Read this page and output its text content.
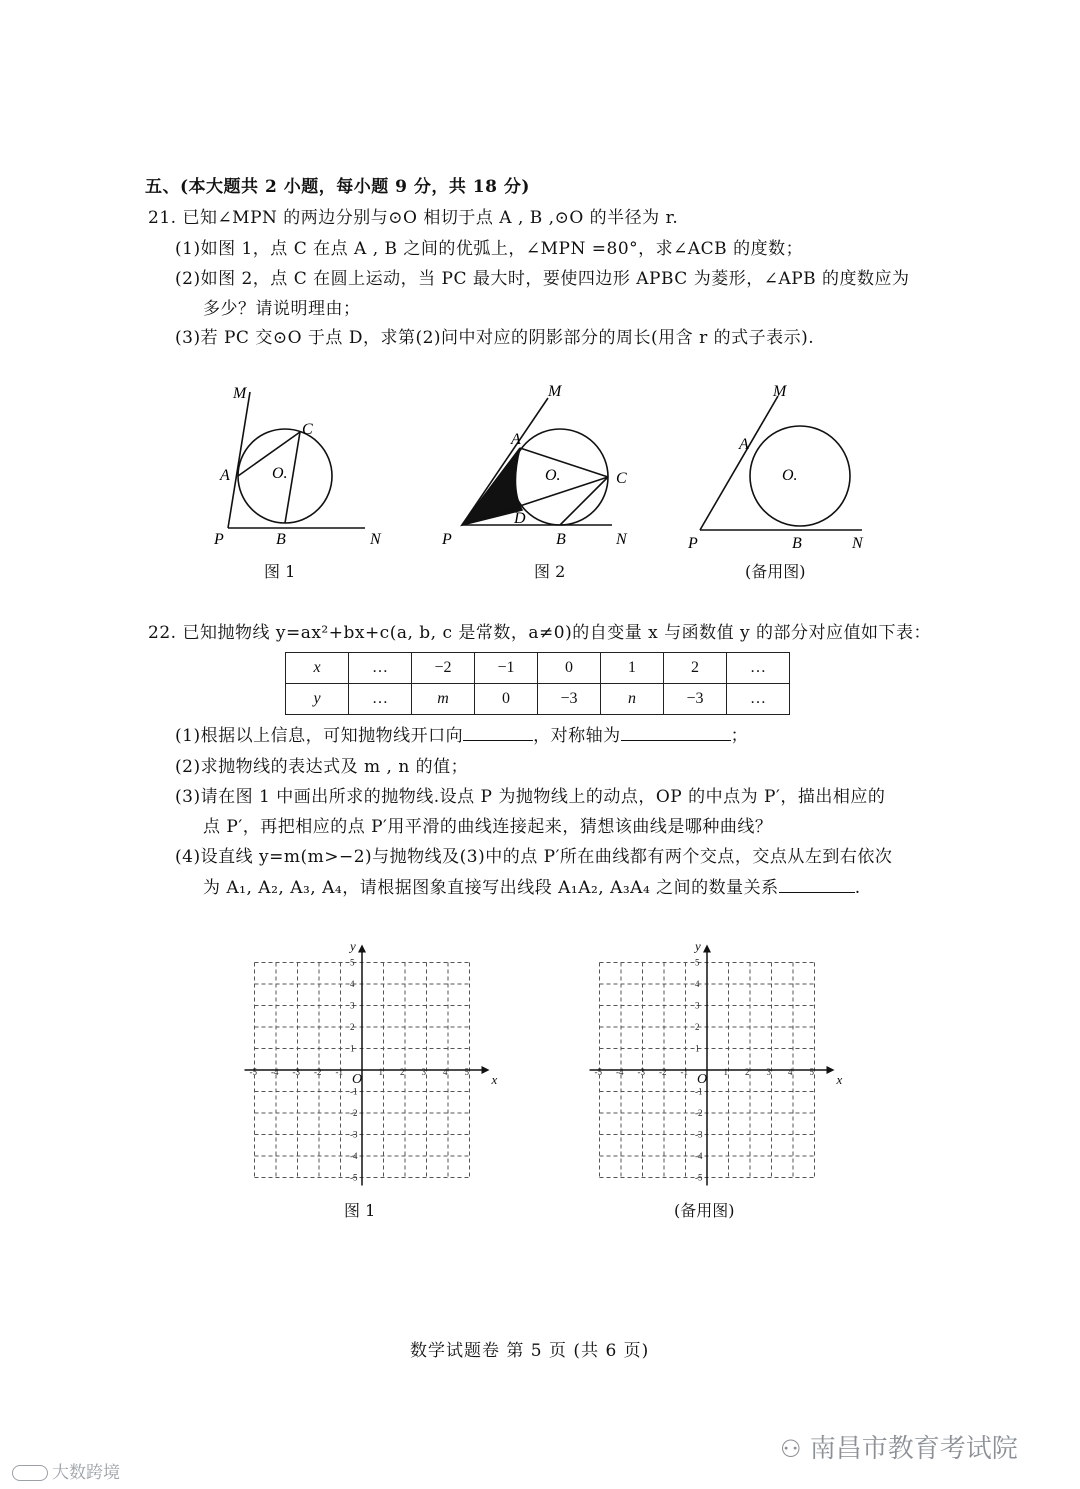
五、(本大题共 2 小题，每小题 9 分，共 18 分)
21. 已知∠MPN 的两边分别与⊙O 相切于点 A , B ,⊙O 的半径为 r.
(1)如图 1，点 C 在点 A , B 之间的优弧上，∠MPN =80°，求∠ACB 的度数；
(2)如图 2，点 C 在圆上运动，当 PC 最大时，要使四边形 APBC 为菱形，∠APB 的度数应为
多少？请说明理由；
(3)若 PC 交⊙O 于点 D，求第(2)问中对应的阴影部分的周长(用含 r 的式子表示).
M
C
A	O.
P	B	N
M
A
O.	C
D
P	B	N
M
A
O.
P	B	N
图 1	图 2	(备用图)
22. 已知抛物线 y=ax²+bx+c(a, b, c 是常数，a≠0)的自变量 x 与函数值 y 的部分对应值如下表：
x	…	−2	−1	0	1	2	…
y	…	m	0	−3	n	−3	…
(1)根据以上信息，可知抛物线开口向	，对称轴为	；
(2)求抛物线的表达式及 m , n 的值；
(3)请在图 1 中画出所求的抛物线.设点 P 为抛物线上的动点，OP 的中点为 P′，描出相应的
点 P′，再把相应的点 P′用平滑的曲线连接起来，猜想该曲线是哪种曲线？
(4)设直线 y=m(m>−2)与抛物线及(3)中的点 P′所在曲线都有两个交点，交点从左到右依次
为 A₁, A₂, A₃, A₄，请根据图象直接写出线段 A₁A₂, A₃A₄ 之间的数量关系	.
-5 -4 -3 -2 -1	1 2 3 4 5
5
4
3
2
1
-1
-2
-3
-4
-5
O	x
y
-5 -4 -3 -2 -1	1 2 3 4 5
5
4
3
2
1
-1
-2
-3
-4
-5
O	x
y
图 1	(备用图)
数学试题卷 第 5 页 (共 6 页)
大数跨境
⚇ 南昌市教育考试院
